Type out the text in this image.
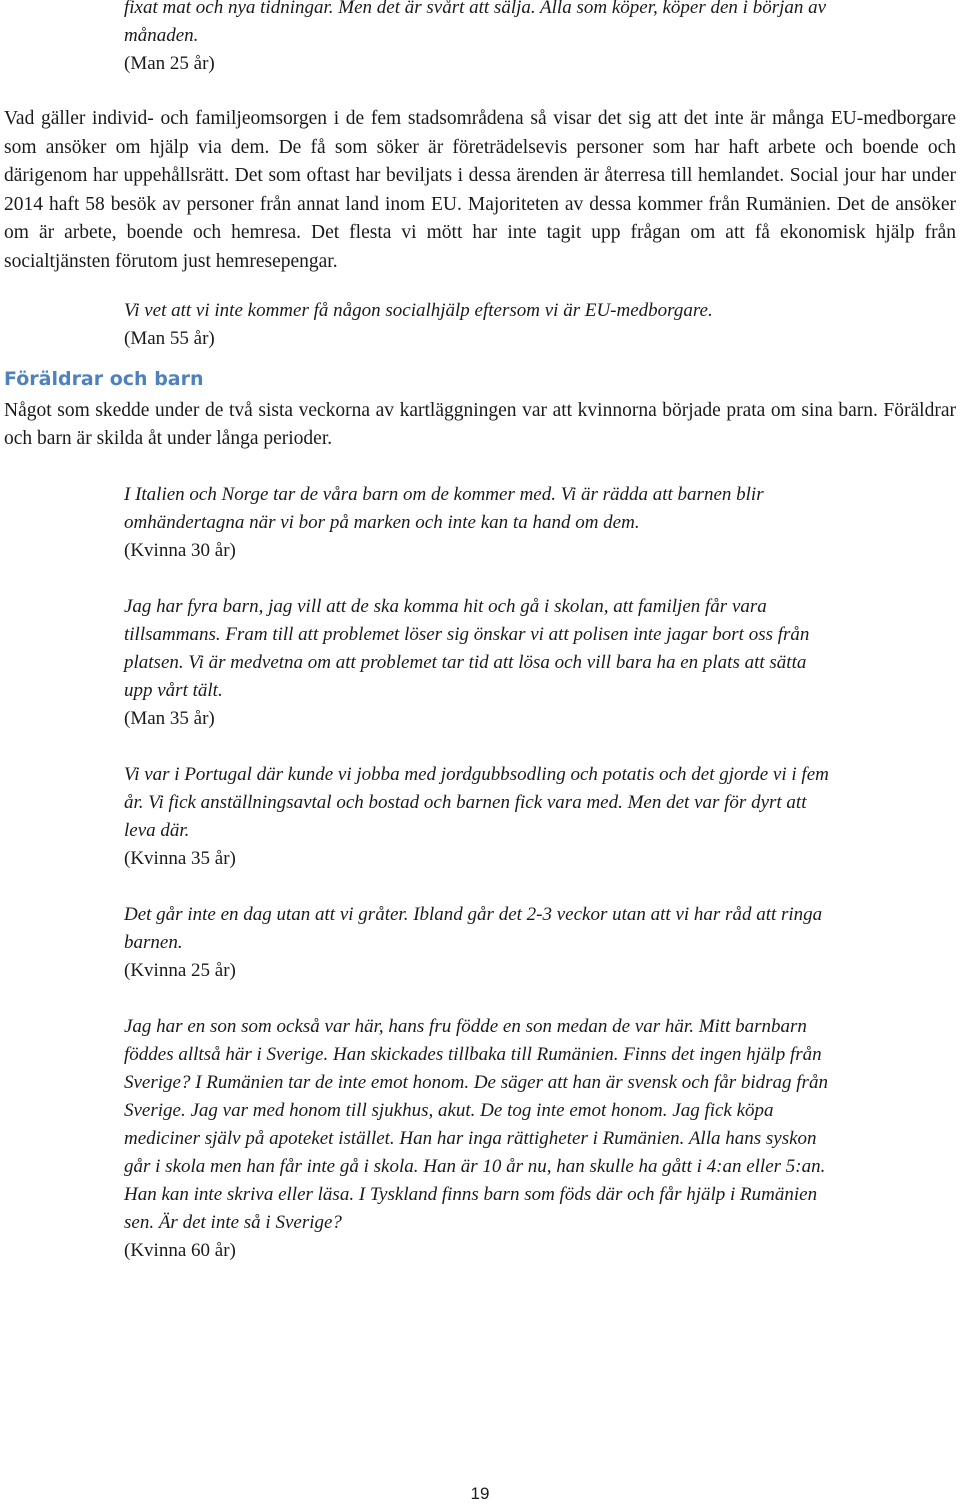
fixat mat och nya tidningar. Men det är svårt att sälja. Alla som köper, köper den i början av månaden.
(Man 25 år)

Vad gäller individ- och familjeomsorgen i de fem stadsområdena så visar det sig att det inte är många EU-medborgare som ansöker om hjälp via dem. De få som söker är företrädelsevis personer som har haft arbete och boende och därigenom har uppehållsrätt. Det som oftast har beviljats i dessa ärenden är återresa till hemlandet. Social jour har under 2014 haft 58 besök av personer från annat land inom EU. Majoriteten av dessa kommer från Rumänien. Det de ansöker om är arbete, boende och hemresa. Det flesta vi mött har inte tagit upp frågan om att få ekonomisk hjälp från socialtjänsten förutom just hemresepengar.

Vi vet att vi inte kommer få någon socialhjälp eftersom vi är EU-medborgare.
(Man 55 år)
Föräldrar och barn

Något som skedde under de två sista veckorna av kartläggningen var att kvinnorna började prata om sina barn. Föräldrar och barn är skilda åt under långa perioder.

I Italien och Norge tar de våra barn om de kommer med. Vi är rädda att barnen blir omhändertagna när vi bor på marken och inte kan ta hand om dem.
(Kvinna 30 år)
Jag har fyra barn, jag vill att de ska komma hit och gå i skolan, att familjen får vara tillsammans. Fram till att problemet löser sig önskar vi att polisen inte jagar bort oss från platsen. Vi är medvetna om att problemet tar tid att lösa och vill bara ha en plats att sätta upp vårt tält.
(Man 35 år)
Vi var i Portugal där kunde vi jobba med jordgubbsodling och potatis och det gjorde vi i fem år. Vi fick anställningsavtal och bostad och barnen fick vara med. Men det var för dyrt att leva där.
(Kvinna 35 år)
Det går inte en dag utan att vi gråter. Ibland går det 2-3 veckor utan att vi har råd att ringa barnen.
(Kvinna 25 år)
Jag har en son som också var här, hans fru födde en son medan de var här. Mitt barnbarn föddes alltså här i Sverige. Han skickades tillbaka till Rumänien. Finns det ingen hjälp från Sverige? I Rumänien tar de inte emot honom. De säger att han är svensk och får bidrag från Sverige. Jag var med honom till sjukhus, akut. De tog inte emot honom. Jag fick köpa mediciner själv på apoteket istället. Han har inga rättigheter i Rumänien. Alla hans syskon går i skola men han får inte gå i skola. Han är 10 år nu, han skulle ha gått i 4:an eller 5:an. Han kan inte skriva eller läsa. I Tyskland finns barn som föds där och får hjälp i Rumänien sen. Är det inte så i Sverige?
(Kvinna 60 år)
19
